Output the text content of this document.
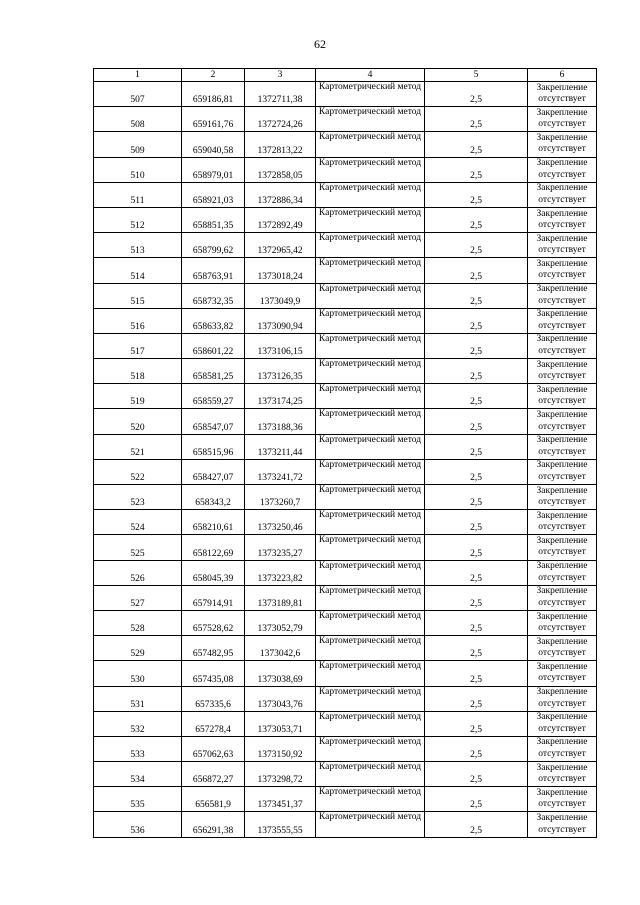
62
1	2	3	4	5	6
507	659186,81	1372711,38	Картометрический метод	2,5	Закрепление отсутствует
508	659161,76	1372724,26	Картометрический метод	2,5	Закрепление отсутствует
509	659040,58	1372813,22	Картометрический метод	2,5	Закрепление отсутствует
510	658979,01	1372858,05	Картометрический метод	2,5	Закрепление отсутствует
511	658921,03	1372886,34	Картометрический метод	2,5	Закрепление отсутствует
512	658851,35	1372892,49	Картометрический метод	2,5	Закрепление отсутствует
513	658799,62	1372965,42	Картометрический метод	2,5	Закрепление отсутствует
514	658763,91	1373018,24	Картометрический метод	2,5	Закрепление отсутствует
515	658732,35	1373049,9	Картометрический метод	2,5	Закрепление отсутствует
516	658633,82	1373090,94	Картометрический метод	2,5	Закрепление отсутствует
517	658601,22	1373106,15	Картометрический метод	2,5	Закрепление отсутствует
518	658581,25	1373126,35	Картометрический метод	2,5	Закрепление отсутствует
519	658559,27	1373174,25	Картометрический метод	2,5	Закрепление отсутствует
520	658547,07	1373188,36	Картометрический метод	2,5	Закрепление отсутствует
521	658515,96	1373211,44	Картометрический метод	2,5	Закрепление отсутствует
522	658427,07	1373241,72	Картометрический метод	2,5	Закрепление отсутствует
523	658343,2	1373260,7	Картометрический метод	2,5	Закрепление отсутствует
524	658210,61	1373250,46	Картометрический метод	2,5	Закрепление отсутствует
525	658122,69	1373235,27	Картометрический метод	2,5	Закрепление отсутствует
526	658045,39	1373223,82	Картометрический метод	2,5	Закрепление отсутствует
527	657914,91	1373189,81	Картометрический метод	2,5	Закрепление отсутствует
528	657528,62	1373052,79	Картометрический метод	2,5	Закрепление отсутствует
529	657482,95	1373042,6	Картометрический метод	2,5	Закрепление отсутствует
530	657435,08	1373038,69	Картометрический метод	2,5	Закрепление отсутствует
531	657335,6	1373043,76	Картометрический метод	2,5	Закрепление отсутствует
532	657278,4	1373053,71	Картометрический метод	2,5	Закрепление отсутствует
533	657062,63	1373150,92	Картометрический метод	2,5	Закрепление отсутствует
534	656872,27	1373298,72	Картометрический метод	2,5	Закрепление отсутствует
535	656581,9	1373451,37	Картометрический метод	2,5	Закрепление отсутствует
536	656291,38	1373555,55	Картометрический метод	2,5	Закрепление отсутствует
